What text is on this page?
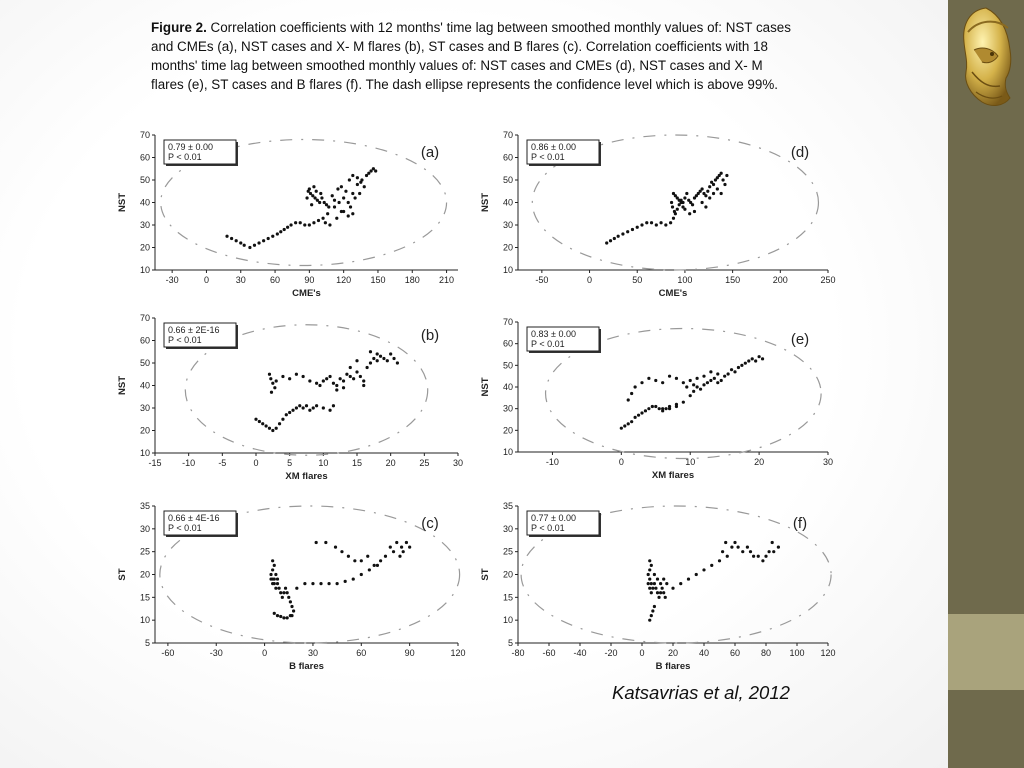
Figure 2. Correlation coefficients with 12 months' time lag between smoothed monthly values of: NST cases and CMEs (a), NST cases and X- M flares (b), ST cases and B flares (c). Correlation coefficients with 18 months' time lag between smoothed monthly values of: NST cases and CMEs (d), NST cases and X- M flares (e), ST cases and B flares (f). The dash ellipse represents the confidence level which is above 99%.
10
20
30
40
50
60
70
-30	0	30	60	90 120 150 180 210
CME's
NST
0.79 ± 0.00
P < 0.01	(a)
10
20
30
40
50
60
70
-50	0	50	100	150	200	250
CME's
NST
0.86 ± 0.00
P < 0.01	(d)
10
20
30
40
50
60
70
-15 -10	-5	0	5	10	15	20	25	30
XM flares
NST
0.66 ± 2E-16
P < 0.01	(b)
10
20
30
40
50
60
70
-10	0	10	20	30
XM flares
NST
0.83 ± 0.00
P < 0.01	(e)
5
10
15
20
25
30
35
-60	-30	0	30	60	90	120
B flares
ST
0.66 ± 4E-16
P < 0.01	(c)
5
10
15
20
25
30
35
-80 -60 -40 -20 0	20 40 60 80 100 120
B flares
ST
0.77 ± 0.00
P < 0.01	(f)
Katsavrias et al, 2012
